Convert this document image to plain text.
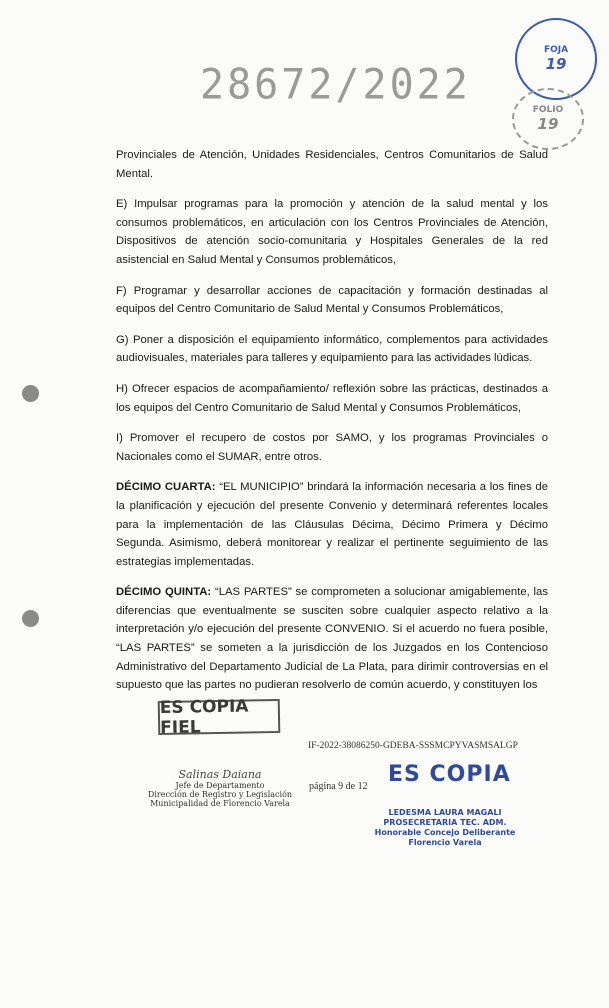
28672/2022
FOJA
19
FOLIO
19

Provinciales de Atención, Unidades Residenciales, Centros Comunitarios de Salud Mental.

E) Impulsar programas para la promoción y atención de la salud mental y los consumos problemáticos, en articulación con los Centros Provinciales de Atención, Dispositivos de atención socio-comunitaria y Hospitales Generales de la red asistencial en Salud Mental y Consumos problemáticos,

F) Programar y desarrollar acciones de capacitación y formación destinadas al equipos del Centro Comunitario de Salud Mental y Consumos Problemáticos,

G) Poner a disposición el equipamiento informático, complementos para actividades audiovisuales, materiales para talleres y equipamiento para las actividades lúdicas.

H) Ofrecer espacios de acompañamiento/ reflexión sobre las prácticas, destinados a los equipos del Centro Comunitario de Salud Mental y Consumos Problemáticos,

I) Promover el recupero de costos por SAMO, y los programas Provinciales o Nacionales como el SUMAR, entre otros.

DÉCIMO CUARTA: “EL MUNICIPIO” brindará la información necesaria a los fines de la planificación y ejecución del presente Convenio y determinará referentes locales para la implementación de las Cláusulas Décima, Décimo Primera y Décimo Segunda. Asimismo, deberá monitorear y realizar el pertinente seguimiento de las estrategias implementadas.

DÉCIMO QUINTA: “LAS PARTES” se comprometen a solucionar amigablemente, las diferencias que eventualmente se susciten sobre cualquier aspecto relativo a la interpretación y/o ejecución del presente CONVENIO. Si el acuerdo no fuera posible, “LAS PARTES” se someten a la jurisdicción de los Juzgados en los Contencioso Administrativo del Departamento Judicial de La Plata, para dirimir controversias en el supuesto que las partes no pudieran resolverlo de común acuerdo, y constituyen los

ES COPIA FIEL
Salinas Daiana
Jefe de Departamento
Dirección de Registro y Legislación
Municipalidad de Florencio Varela
IF-2022-38086250-GDEBA-SSSMCPYVASMSALGP
página 9 de 12 ES COPIA
LEDESMA LAURA MAGALI
PROSECRETARIA TEC. ADM.
Honorable Concejo Deliberante
Florencio Varela
